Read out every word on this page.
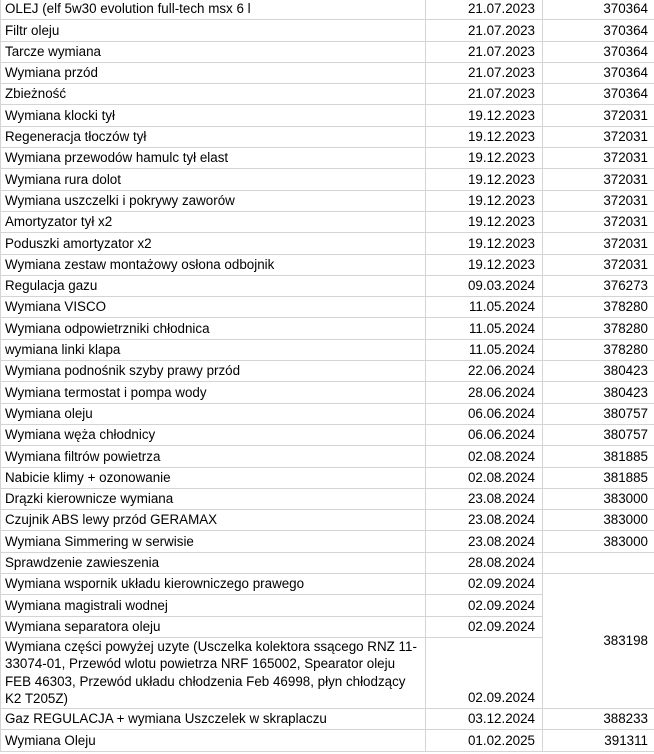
OLEJ (elf 5w30 evolution full-tech msx 6 l	21.07.2023	370364
Filtr oleju	21.07.2023	370364
Tarcze wymiana	21.07.2023	370364
Wymiana przód	21.07.2023	370364
Zbieżność	21.07.2023	370364
Wymiana klocki tył	19.12.2023	372031
Regeneracja tłoczów tył	19.12.2023	372031
Wymiana przewodów hamulc tył elast	19.12.2023	372031
Wymiana rura dolot	19.12.2023	372031
Wymiana uszczelki i pokrywy zaworów	19.12.2023	372031
Amortyzator tył x2	19.12.2023	372031
Poduszki amortyzator x2	19.12.2023	372031
Wymiana zestaw montażowy osłona odbojnik	19.12.2023	372031
Regulacja gazu	09.03.2024	376273
Wymiana VISCO	11.05.2024	378280
Wymiana odpowietrzniki chłodnica	11.05.2024	378280
wymiana linki klapa	11.05.2024	378280
Wymiana podnośnik szyby prawy przód	22.06.2024	380423
Wymiana termostat i pompa wody	28.06.2024	380423
Wymiana oleju	06.06.2024	380757
Wymiana węża chłodnicy	06.06.2024	380757
Wymiana filtrów powietrza	02.08.2024	381885
Nabicie klimy + ozonowanie	02.08.2024	381885
Drązki kierownicze wymiana	23.08.2024	383000
Czujnik ABS lewy przód GERAMAX	23.08.2024	383000
Wymiana Simmering w serwisie	23.08.2024	383000
Sprawdzenie zawieszenia	28.08.2024	
Wymiana wspornik układu kierowniczego prawego	02.09.2024	383198
Wymiana magistrali wodnej	02.09.2024	
Wymiana separatora oleju	02.09.2024	
Wymiana części powyżej uzyte (Usczelka kolektora ssącego RNZ 11-33074-01, Przewód wlotu powietrza NRF 165002, Spearator oleju FEB 46303, Przewód układu chłodzenia Feb 46998, płyn chłodzący K2 T205Z)	02.09.2024	
Gaz REGULACJA + wymiana Uszczelek w skraplaczu	03.12.2024	388233
Wymiana Oleju	01.02.2025	391311
